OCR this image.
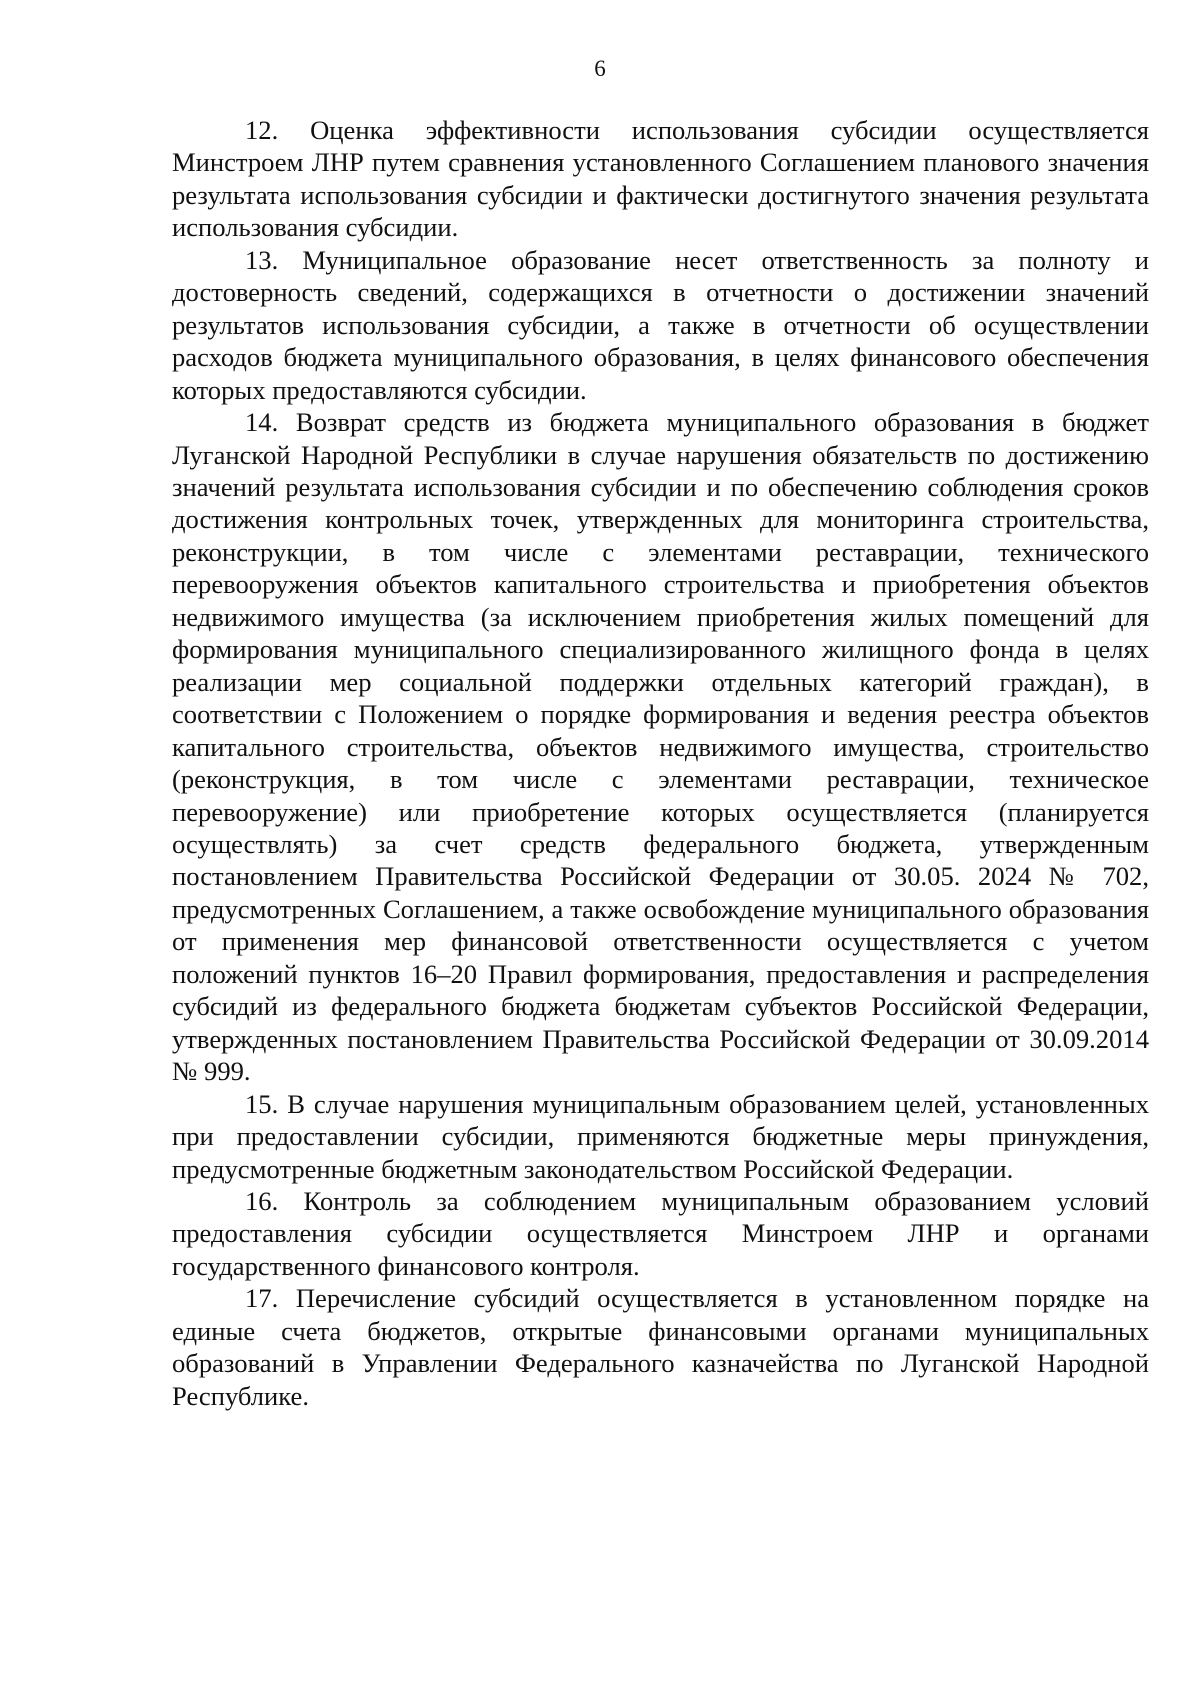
6

12. Оценка эффективности использования субсидии осуществляется Минстроем ЛНР путем сравнения установленного Соглашением планового значения результата использования субсидии и фактически достигнутого значения результата использования субсидии.

13. Муниципальное образование несет ответственность за полноту и достоверность сведений, содержащихся в отчетности о достижении значений результатов использования субсидии, а также в отчетности об осуществлении расходов бюджета муниципального образования, в целях финансового обеспечения которых предоставляются субсидии.

14. Возврат средств из бюджета муниципального образования в бюджет Луганской Народной Республики в случае нарушения обязательств по достижению значений результата использования субсидии и по обеспечению соблюдения сроков достижения контрольных точек, утвержденных для мониторинга строительства, реконструкции, в том числе с элементами реставрации, технического перевооружения объектов капитального строительства и приобретения объектов недвижимого имущества (за исключением приобретения жилых помещений для формирования муниципального специализированного жилищного фонда в целях реализации мер социальной поддержки отдельных категорий граждан), в соответствии с Положением о порядке формирования и ведения реестра объектов капитального строительства, объектов недвижимого имущества, строительство (реконструкция, в том числе с элементами реставрации, техническое перевооружение) или приобретение которых осуществляется (планируется осуществлять) за счет средств федерального бюджета, утвержденным постановлением Правительства Российской Федерации от 30.05. 2024 № 702, предусмотренных Соглашением, а также освобождение муниципального образования от применения мер финансовой ответственности осуществляется с учетом положений пунктов 16–20 Правил формирования, предоставления и распределения субсидий из федерального бюджета бюджетам субъектов Российской Федерации, утвержденных постановлением Правительства Российской Федерации от 30.09.2014 № 999.

15. В случае нарушения муниципальным образованием целей, установленных при предоставлении субсидии, применяются бюджетные меры принуждения, предусмотренные бюджетным законодательством Российской Федерации.

16. Контроль за соблюдением муниципальным образованием условий предоставления субсидии осуществляется Минстроем ЛНР и органами государственного финансового контроля.

17. Перечисление субсидий осуществляется в установленном порядке на единые счета бюджетов, открытые финансовыми органами муниципальных образований в Управлении Федерального казначейства по Луганской Народной Республике.
